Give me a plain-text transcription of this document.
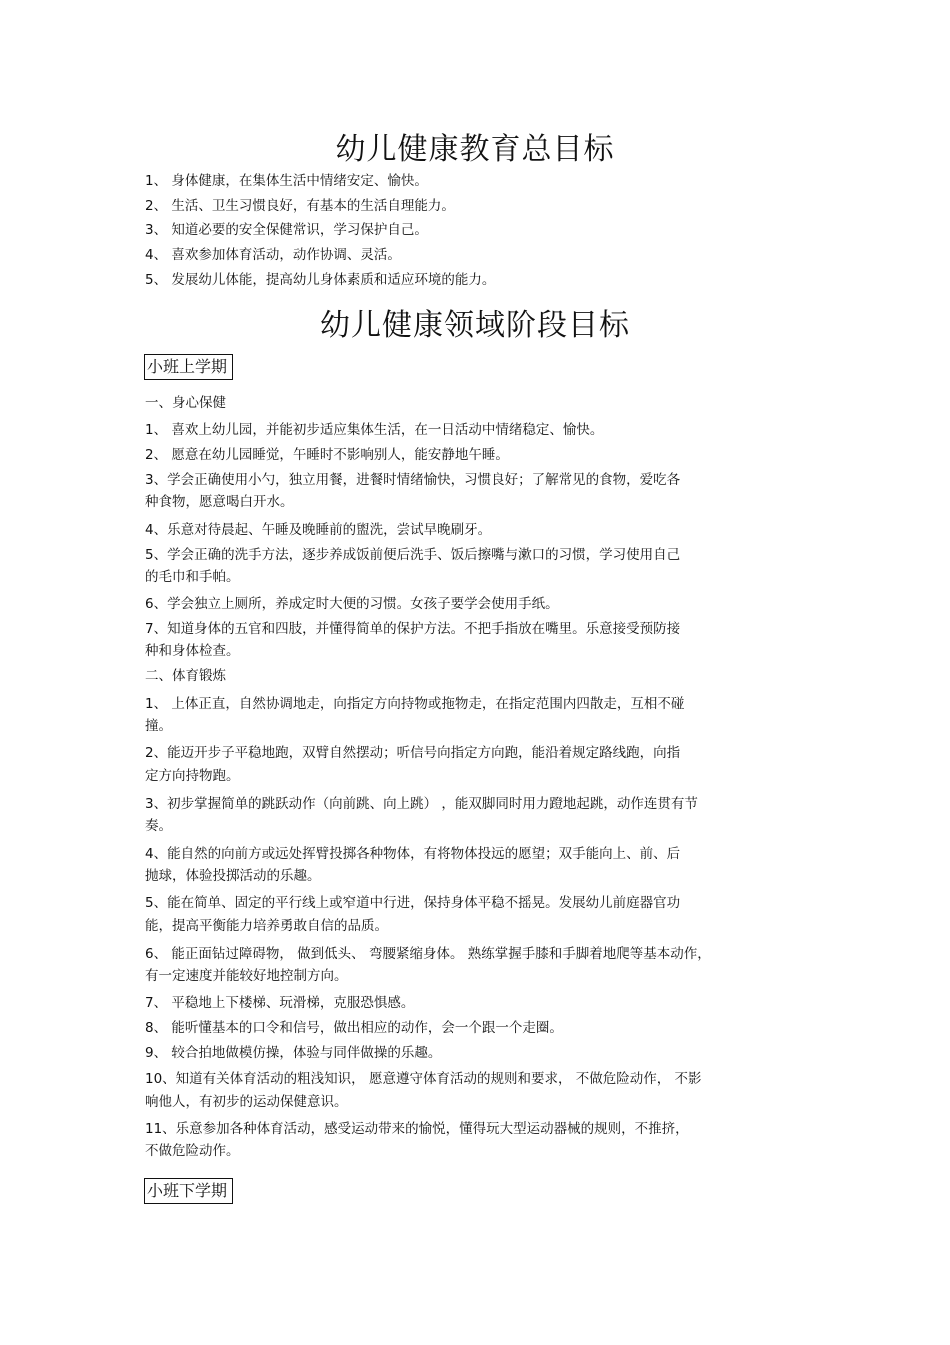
幼儿健康教育总目标
1、 身体健康，在集体生活中情绪安定、愉快。
2、 生活、卫生习惯良好，有基本的生活自理能力。
3、 知道必要的安全保健常识，学习保护自己。
4、 喜欢参加体育活动，动作协调、灵活。
5、 发展幼儿体能，提高幼儿身体素质和适应环境的能力。
幼儿健康领域阶段目标
小班上学期
一、身心保健
1、 喜欢上幼儿园，并能初步适应集体生活，在一日活动中情绪稳定、愉快。
2、 愿意在幼儿园睡觉，午睡时不影响别人，能安静地午睡。
3、学会正确使用小勺，独立用餐，进餐时情绪愉快，习惯良好；了解常见的食物，爱吃各
种食物，愿意喝白开水。
4、乐意对待晨起、午睡及晚睡前的盥洗，尝试早晚刷牙。
5、学会正确的洗手方法，逐步养成饭前便后洗手、饭后擦嘴与漱口的习惯，学习使用自己
的毛巾和手帕。
6、学会独立上厕所，养成定时大便的习惯。女孩子要学会使用手纸。
7、知道身体的五官和四肢，并懂得简单的保护方法。不把手指放在嘴里。乐意接受预防接
种和身体检查。
二、体育锻炼
1、 上体正直，自然协调地走，向指定方向持物或拖物走，在指定范围内四散走，互相不碰
撞。
2、能迈开步子平稳地跑，双臂自然摆动；听信号向指定方向跑，能沿着规定路线跑，向指
定方向持物跑。
3、初步掌握简单的跳跃动作（向前跳、向上跳） ，能双脚同时用力蹬地起跳，动作连贯有节
奏。
4、能自然的向前方或远处挥臂投掷各种物体，有将物体投远的愿望；双手能向上、前、后
抛球，体验投掷活动的乐趣。
5、能在简单、固定的平行线上或窄道中行进，保持身体平稳不摇晃。发展幼儿前庭器官功
能，提高平衡能力培养勇敢自信的品质。
6、 能正面钻过障碍物， 做到低头、 弯腰紧缩身体。 熟练掌握手膝和手脚着地爬等基本动作，
有一定速度并能较好地控制方向。
7、 平稳地上下楼梯、玩滑梯，克服恐惧感。
8、 能听懂基本的口令和信号，做出相应的动作，会一个跟一个走圈。
9、 较合拍地做模仿操，体验与同伴做操的乐趣。
10、知道有关体育活动的粗浅知识， 愿意遵守体育活动的规则和要求， 不做危险动作， 不影
响他人，有初步的运动保健意识。
11、乐意参加各种体育活动，感受运动带来的愉悦，懂得玩大型运动器械的规则，不推挤，
不做危险动作。
小班下学期
